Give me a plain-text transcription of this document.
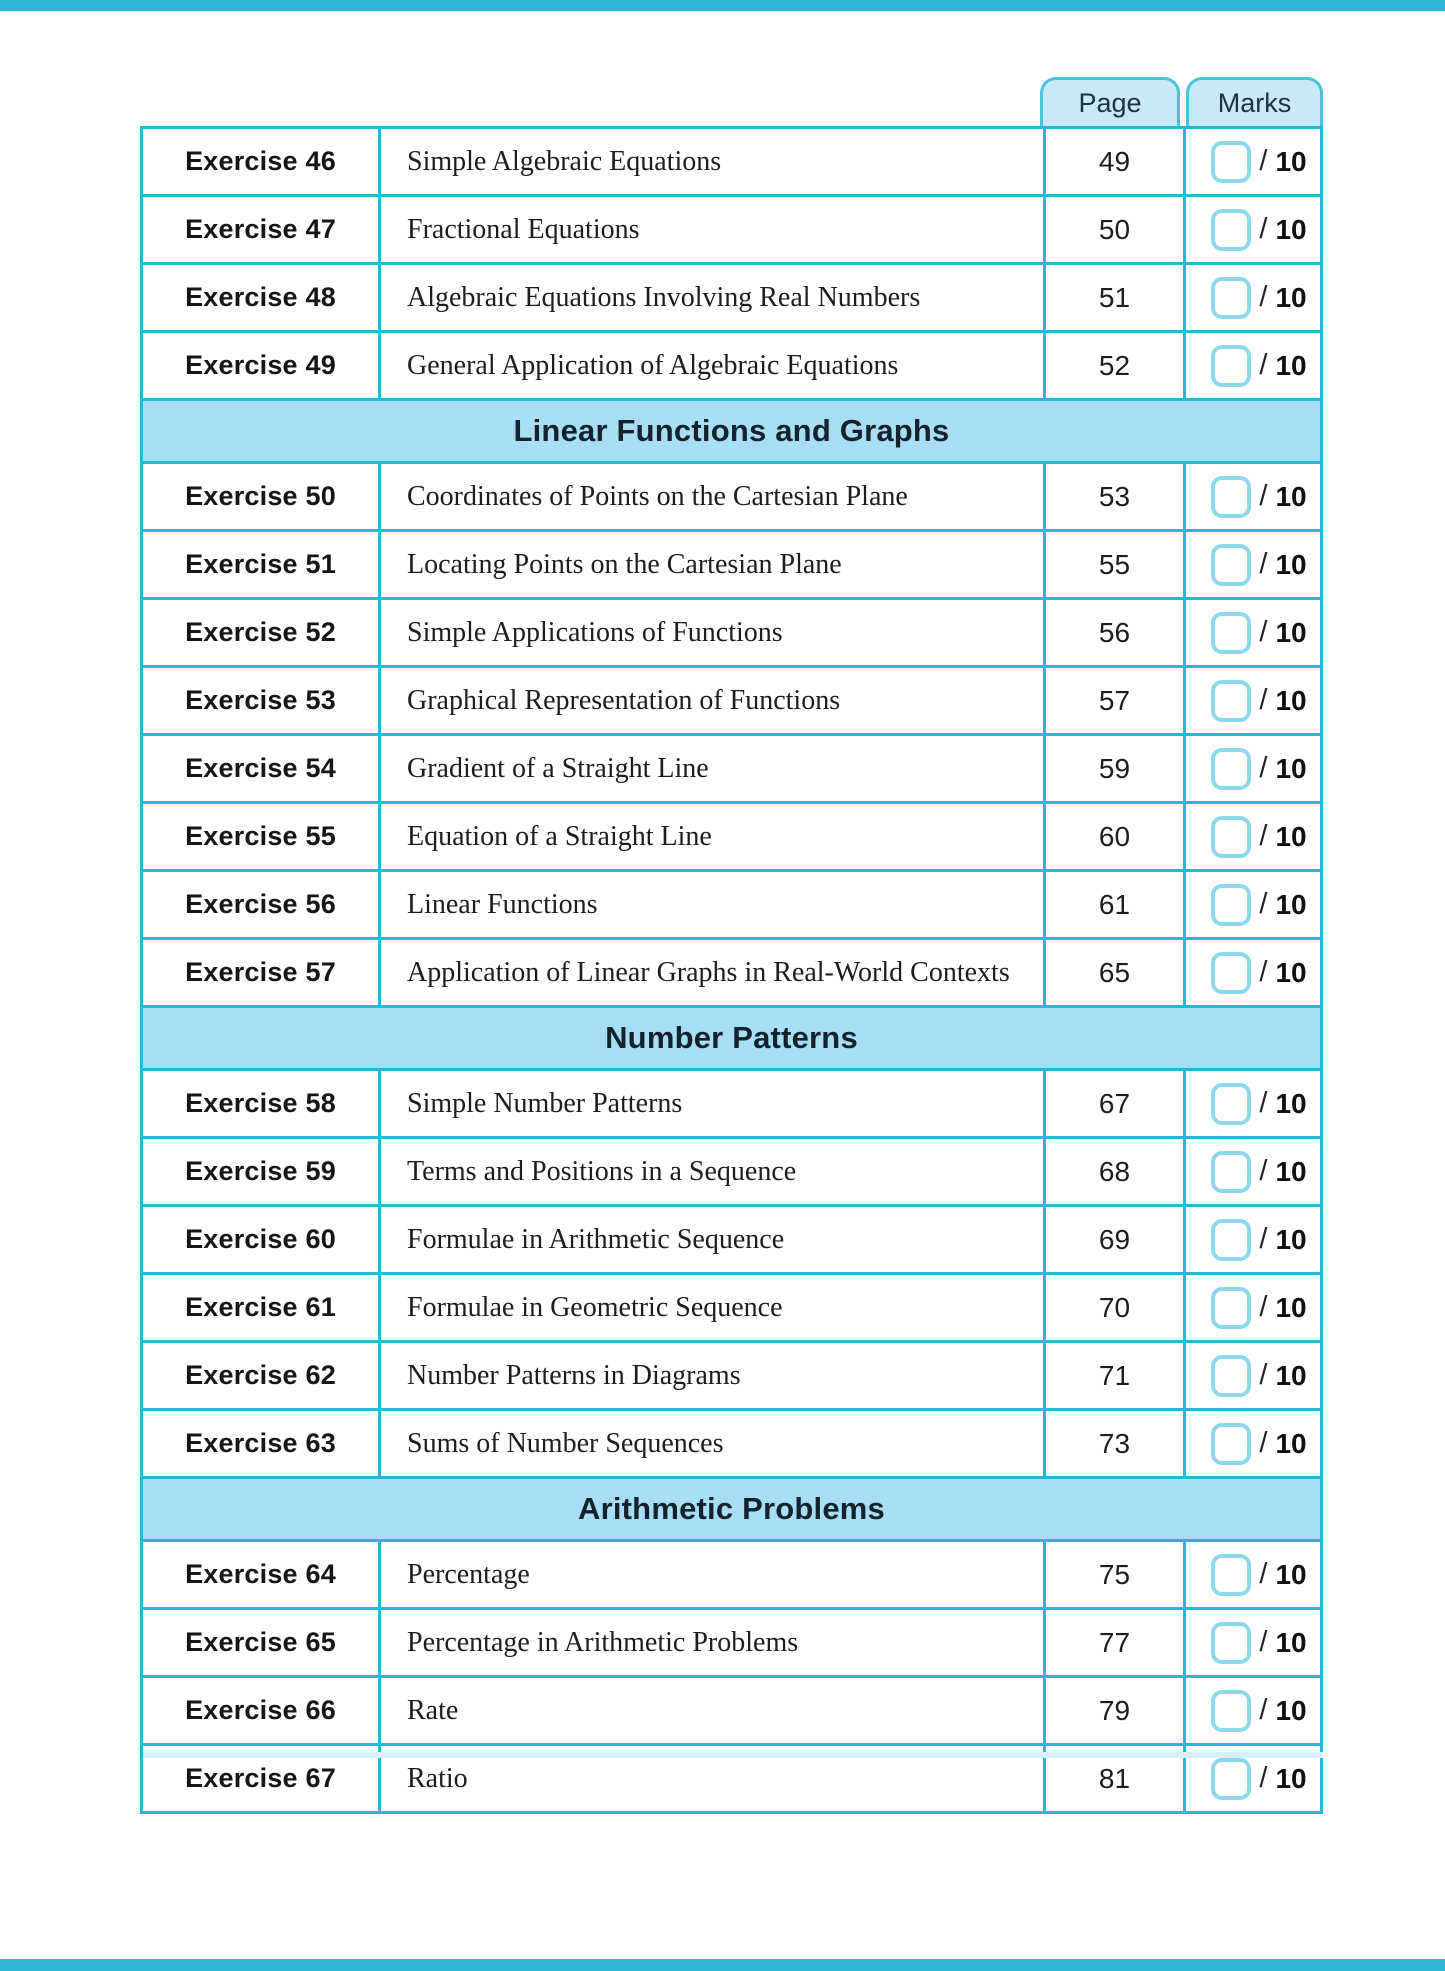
Page	Marks
Exercise 46	Simple Algebraic Equations	49	/ 10
Exercise 47	Fractional Equations	50	/ 10
Exercise 48	Algebraic Equations Involving Real Numbers	51	/ 10
Exercise 49	General Application of Algebraic Equations	52	/ 10
Linear Functions and Graphs
Exercise 50	Coordinates of Points on the Cartesian Plane	53	/ 10
Exercise 51	Locating Points on the Cartesian Plane	55	/ 10
Exercise 52	Simple Applications of Functions	56	/ 10
Exercise 53	Graphical Representation of Functions	57	/ 10
Exercise 54	Gradient of a Straight Line	59	/ 10
Exercise 55	Equation of a Straight Line	60	/ 10
Exercise 56	Linear Functions	61	/ 10
Exercise 57	Application of Linear Graphs in Real-World Contexts	65	/ 10
Number Patterns
Exercise 58	Simple Number Patterns	67	/ 10
Exercise 59	Terms and Positions in a Sequence	68	/ 10
Exercise 60	Formulae in Arithmetic Sequence	69	/ 10
Exercise 61	Formulae in Geometric Sequence	70	/ 10
Exercise 62	Number Patterns in Diagrams	71	/ 10
Exercise 63	Sums of Number Sequences	73	/ 10
Arithmetic Problems
Exercise 64	Percentage	75	/ 10
Exercise 65	Percentage in Arithmetic Problems	77	/ 10
Exercise 66	Rate	79	/ 10
Exercise 67	Ratio	81	/ 10
